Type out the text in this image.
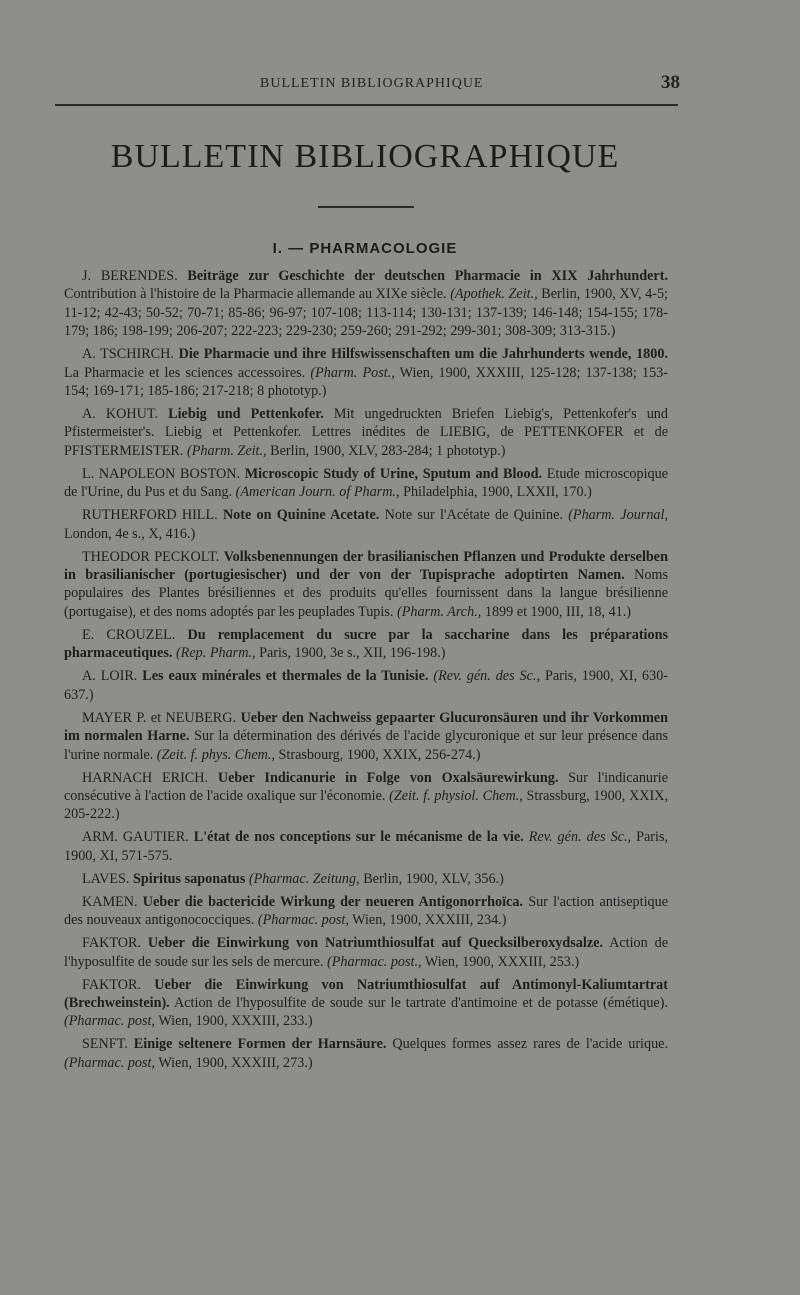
BULLETIN BIBLIOGRAPHIQUE	38
BULLETIN BIBLIOGRAPHIQUE
I. — PHARMACOLOGIE

J. BERENDES. Beiträge zur Geschichte der deutschen Pharmacie in XIX Jahrhundert. Contribution à l'histoire de la Pharmacie allemande au XIXe siècle. (Apothek. Zeit., Berlin, 1900, XV, 4-5; 11-12; 42-43; 50-52; 70-71; 85-86; 96-97; 107-108; 113-114; 130-131; 137-139; 146-148; 154-155; 178-179; 186; 198-199; 206-207; 222-223; 229-230; 259-260; 291-292; 299-301; 308-309; 313-315.)

A. TSCHIRCH. Die Pharmacie und ihre Hilfswissenschaften um die Jahrhunderts wende, 1800. La Pharmacie et les sciences accessoires. (Pharm. Post., Wien, 1900, XXXIII, 125-128; 137-138; 153-154; 169-171; 185-186; 217-218; 8 phototyp.)

A. KOHUT. Liebig und Pettenkofer. Mit ungedruckten Briefen Liebig's, Pettenkofer's und Pfistermeister's. Liebig et Pettenkofer. Lettres inédites de LIEBIG, de PETTENKOFER et de PFISTERMEISTER. (Pharm. Zeit., Berlin, 1900, XLV, 283-284; 1 phototyp.)

L. NAPOLEON BOSTON. Microscopic Study of Urine, Sputum and Blood. Etude microscopique de l'Urine, du Pus et du Sang. (American Journ. of Pharm., Philadelphia, 1900, LXXII, 170.)

RUTHERFORD HILL. Note on Quinine Acetate. Note sur l'Acétate de Quinine. (Pharm. Journal, London, 4e s., X, 416.)

THEODOR PECKOLT. Volksbenennungen der brasilianischen Pflanzen und Produkte derselben in brasilianischer (portugiesischer) und der von der Tupisprache adoptirten Namen. Noms populaires des Plantes brésiliennes et des produits qu'elles fournissent dans la langue brésilienne (portugaise), et des noms adoptés par les peuplades Tupis. (Pharm. Arch., 1899 et 1900, III, 18, 41.)

E. CROUZEL. Du remplacement du sucre par la saccharine dans les préparations pharmaceutiques. (Rep. Pharm., Paris, 1900, 3e s., XII, 196-198.)

A. LOIR. Les eaux minérales et thermales de la Tunisie. (Rev. gén. des Sc., Paris, 1900, XI, 630-637.)

MAYER P. et NEUBERG. Ueber den Nachweiss gepaarter Glucuronsäuren und ihr Vorkommen im normalen Harne. Sur la détermination des dérivés de l'acide glycuronique et sur leur présence dans l'urine normale. (Zeit. f. phys. Chem., Strasbourg, 1900, XXIX, 256-274.)

HARNACH ERICH. Ueber Indicanurie in Folge von Oxalsäurewirkung. Sur l'indicanurie consécutive à l'action de l'acide oxalique sur l'économie. (Zeit. f. physiol. Chem., Strassburg, 1900, XXIX, 205-222.)

ARM. GAUTIER. L'état de nos conceptions sur le mécanisme de la vie. Rev. gén. des Sc., Paris, 1900, XI, 571-575.

LAVES. Spiritus saponatus (Pharmac. Zeitung, Berlin, 1900, XLV, 356.)

KAMEN. Ueber die bactericide Wirkung der neueren Antigonorrhoïca. Sur l'action antiseptique des nouveaux antigonococciques. (Pharmac. post, Wien, 1900, XXXIII, 234.)

FAKTOR. Ueber die Einwirkung von Natriumthiosulfat auf Quecksilberoxydsalze. Action de l'hyposulfite de soude sur les sels de mercure. (Pharmac. post., Wien, 1900, XXXIII, 253.)

FAKTOR. Ueber die Einwirkung von Natriumthiosulfat auf Antimonyl-Kaliumtartrat (Brechweinstein). Action de l'hyposulfite de soude sur le tartrate d'antimoine et de potasse (émétique). (Pharmac. post, Wien, 1900, XXXIII, 233.)

SENFT. Einige seltenere Formen der Harnsäure. Quelques formes assez rares de l'acide urique. (Pharmac. post, Wien, 1900, XXXIII, 273.)
